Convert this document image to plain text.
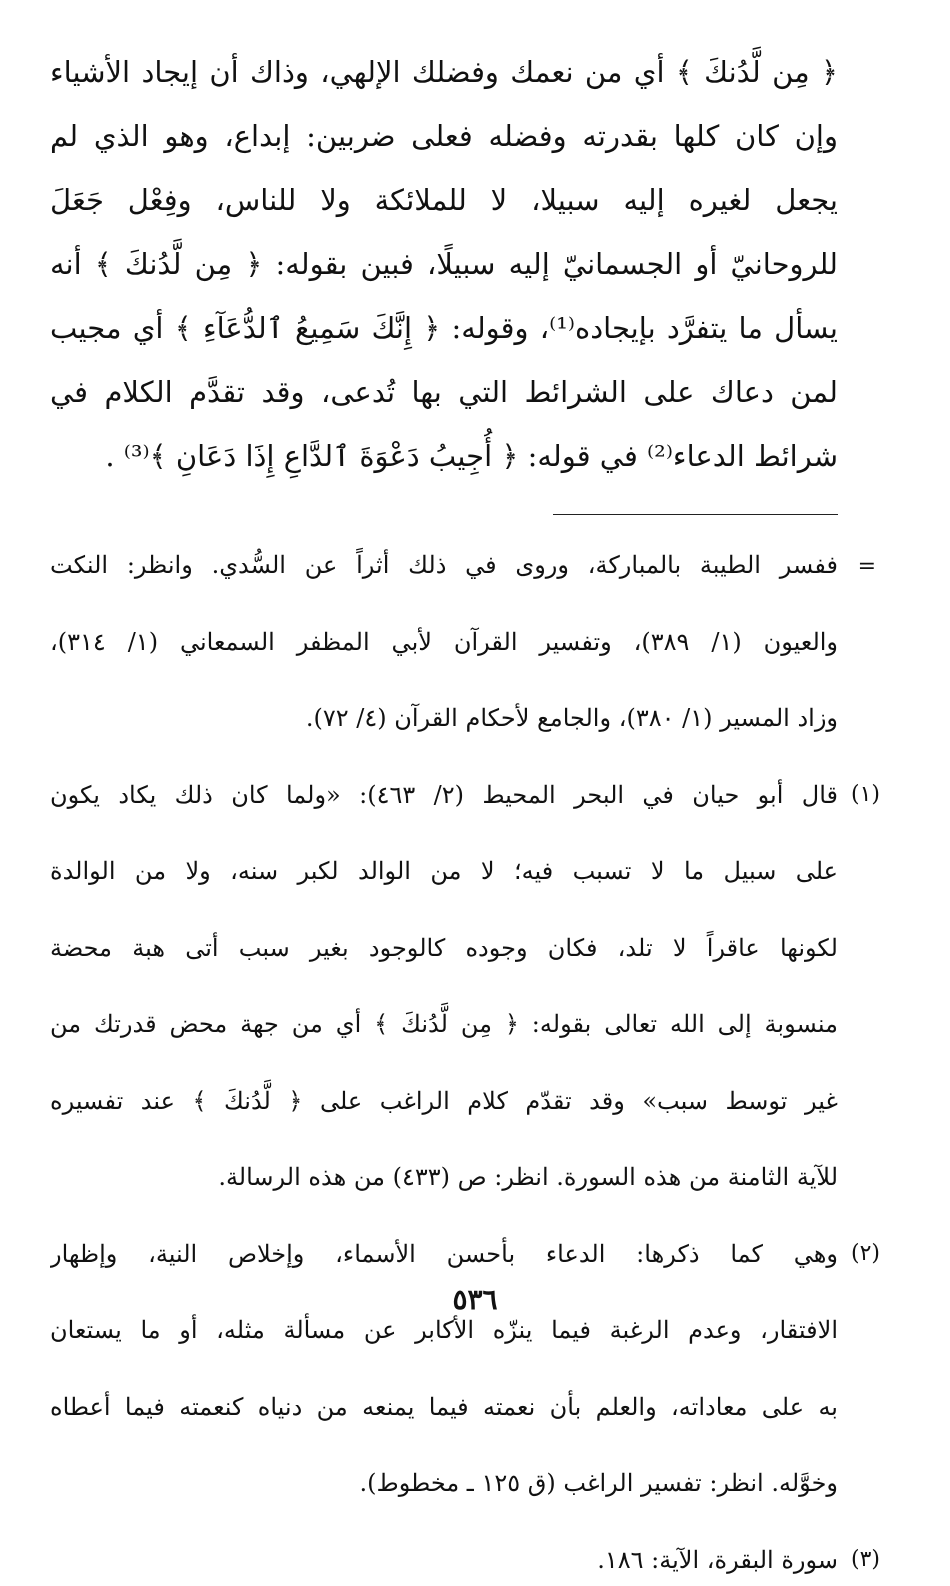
﴿ مِن لَّدُنكَ ﴾ أي من نعمك وفضلك الإلهي، وذاك أن إيجاد الأشياء

وإن كان كلها بقدرته وفضله فعلى ضربين: إبداع، وهو الذي لم

يجعل لغيره إليه سبيلا، لا للملائكة ولا للناس، وفِعْل جَعَلَ

للروحانيّ أو الجسمانيّ إليه سبيلًا، فبين بقوله: ﴿ مِن لَّدُنكَ ﴾ أنه

يسأل ما يتفرَّد بإيجاده⁽¹⁾، وقوله: ﴿ إِنَّكَ سَمِيعُ ٱلدُّعَآءِ ﴾ أي مجيب

لمن دعاك على الشرائط التي بها تُدعى، وقد تقدَّم الكلام في

شرائط الدعاء⁽²⁾ في قوله: ﴿ أُجِيبُ دَعْوَةَ ٱلدَّاعِ إِذَا دَعَانِ ﴾⁽³⁾ .

=

ففسر الطيبة بالمباركة، وروى في ذلك أثراً عن السُّدي. وانظر: النكت

والعيون (١/ ٣٨٩)، وتفسير القرآن لأبي المظفر السمعاني (١/ ٣١٤)،

وزاد المسير (١/ ٣٨٠)، والجامع لأحكام القرآن (٤/ ٧٢).

(١)

قال أبو حيان في البحر المحيط (٢/ ٤٦٣): «ولما كان ذلك يكاد يكون

على سبيل ما لا تسبب فيه؛ لا من الوالد لكبر سنه، ولا من الوالدة

لكونها عاقراً لا تلد، فكان وجوده كالوجود بغير سبب أتى هبة محضة

منسوبة إلى الله تعالى بقوله: ﴿ مِن لَّدُنكَ ﴾ أي من جهة محض قدرتك من

غير توسط سبب» وقد تقدّم كلام الراغب على ﴿ لَّدُنكَ ﴾ عند تفسيره

للآية الثامنة من هذه السورة. انظر: ص (٤٣٣) من هذه الرسالة.

(٢)

وهي كما ذكرها: الدعاء بأحسن الأسماء، وإخلاص النية، وإظهار

الافتقار، وعدم الرغبة فيما ينزّه الأكابر عن مسألة مثله، أو ما يستعان

به على معاداته، والعلم بأن نعمته فيما يمنعه من دنياه كنعمته فيما أعطاه

وخوَّله. انظر: تفسير الراغب (ق ١٢٥ ـ مخطوط).

(٣)

سورة البقرة، الآية: ١٨٦.

٥٣٦
